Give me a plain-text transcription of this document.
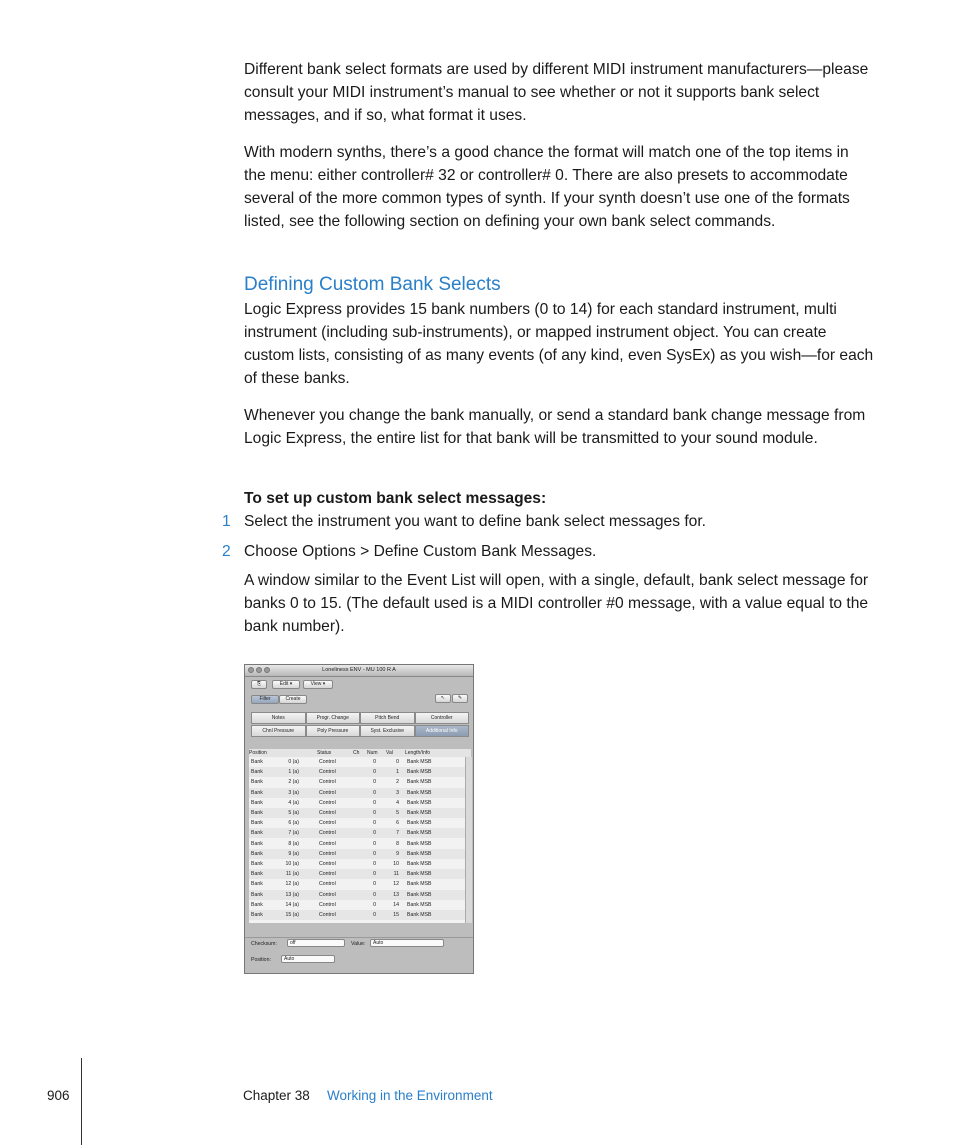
Different bank select formats are used by different MIDI instrument manufacturers—please consult your MIDI instrument’s manual to see whether or not it supports bank select messages, and if so, what format it uses.

With modern synths, there’s a good chance the format will match one of the top items in the menu: either controller# 32 or controller# 0. There are also presets to accommodate several of the more common types of synth. If your synth doesn’t use one of the formats listed, see the following section on defining your own bank select commands.

Defining Custom Bank Selects

Logic Express provides 15 bank numbers (0 to 14) for each standard instrument, multi instrument (including sub-instruments), or mapped instrument object. You can create custom lists, consisting of as many events (of any kind, even SysEx) as you wish—for each of these banks.

Whenever you change the bank manually, or send a standard bank change message from Logic Express, the entire list for that bank will be transmitted to your sound module.

To set up custom bank select messages:

1 Select the instrument you want to define bank select messages for.

2 Choose Options > Define Custom Bank Messages.

A window similar to the Event List will open, with a single, default, bank select message for banks 0 to 15. (The default used is a MIDI controller #0 message, with a value equal to the bank number).

Loneliness ENV - MU 100 R A
⎘	Edit ▾	View ▾
Filter	Create	↖	✎
Notes	Progr. Change	Pitch Bend	Controller
Chnl Pressure	Poly Pressure	Syst. Exclusive	Additional Info
Position	Status	Ch Num Val Length/Info
Bank	0 (a)	Control	0	0 Bank MSB
Bank	1 (a)	Control	0	1 Bank MSB
Bank	2 (a)	Control	0	2 Bank MSB
Bank	3 (a)	Control	0	3 Bank MSB
Bank	4 (a)	Control	0	4 Bank MSB
Bank	5 (a)	Control	0	5 Bank MSB
Bank	6 (a)	Control	0	6 Bank MSB
Bank	7 (a)	Control	0	7 Bank MSB
Bank	8 (a)	Control	0	8 Bank MSB
Bank	9 (a)	Control	0	9 Bank MSB
Bank	10 (a)	Control	0	10 Bank MSB
Bank	11 (a)	Control	0	11 Bank MSB
Bank	12 (a)	Control	0	12 Bank MSB
Bank	13 (a)	Control	0	13 Bank MSB
Bank	14 (a)	Control	0	14 Bank MSB
Bank	15 (a)	Control	0	15 Bank MSB
Checksum:	off	Value:	Auto
Position:	Auto
906	Chapter 38 Working in the Environment
